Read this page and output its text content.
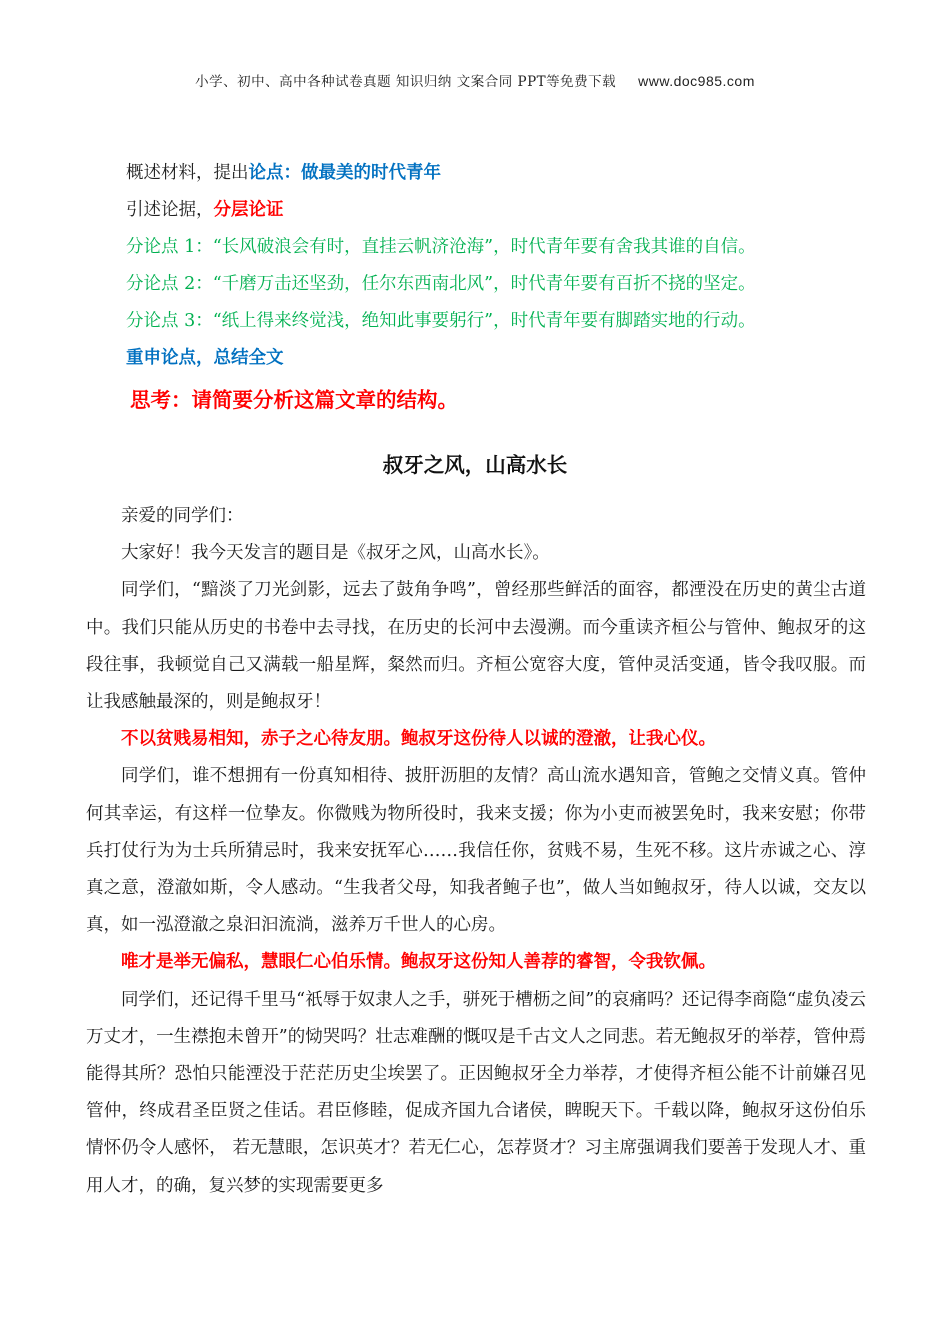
小学、初中、高中各种试卷真题 知识归纳 文案合同 PPT等免费下载 www.doc985.com
概述材料，提出论点：做最美的时代青年
引述论据，分层论证
分论点 1：“长风破浪会有时，直挂云帆济沧海”，时代青年要有舍我其谁的自信。
分论点 2：“千磨万击还坚劲，任尔东西南北风”，时代青年要有百折不挠的坚定。
分论点 3：“纸上得来终觉浅，绝知此事要躬行”，时代青年要有脚踏实地的行动。
重申论点，总结全文
思考：请简要分析这篇文章的结构。
叔牙之风，山高水长

亲爱的同学们：

大家好！我今天发言的题目是《叔牙之风，山高水长》。

同学们，“黯淡了刀光剑影，远去了鼓角争鸣”，曾经那些鲜活的面容，都湮没在历史的黄尘古道中。我们只能从历史的书卷中去寻找，在历史的长河中去漫溯。而今重读齐桓公与管仲、鲍叔牙的这段往事，我顿觉自己又满载一船星辉，粲然而归。齐桓公宽容大度，管仲灵活变通，皆令我叹服。而让我感触最深的，则是鲍叔牙！

不以贫贱易相知，赤子之心待友朋。鲍叔牙这份待人以诚的澄澈，让我心仪。

同学们，谁不想拥有一份真知相待、披肝沥胆的友情？高山流水遇知音，管鲍之交情义真。管仲何其幸运，有这样一位挚友。你微贱为物所役时，我来支援；你为小吏而被罢免时，我来安慰；你带兵打仗行为为士兵所猜忌时，我来安抚军心……我信任你，贫贱不易，生死不移。这片赤诚之心、淳真之意，澄澈如斯，令人感动。“生我者父母，知我者鲍子也”，做人当如鲍叔牙，待人以诚，交友以真，如一泓澄澈之泉汩汩流淌，滋养万千世人的心房。

唯才是举无偏私，慧眼仁心伯乐情。鲍叔牙这份知人善荐的睿智，令我钦佩。

同学们，还记得千里马“祇辱于奴隶人之手，骈死于槽枥之间”的哀痛吗？还记得李商隐“虚负凌云万丈才，一生襟抱未曾开”的恸哭吗？壮志难酬的慨叹是千古文人之同悲。若无鲍叔牙的举荐，管仲焉能得其所？恐怕只能湮没于茫茫历史尘埃罢了。正因鲍叔牙全力举荐，才使得齐桓公能不计前嫌召见管仲，终成君圣臣贤之佳话。君臣修睦，促成齐国九合诸侯，睥睨天下。千载以降，鲍叔牙这份伯乐情怀仍令人感怀， 若无慧眼，怎识英才？若无仁心，怎荐贤才？习主席强调我们要善于发现人才、重用人才，的确，复兴梦的实现需要更多
